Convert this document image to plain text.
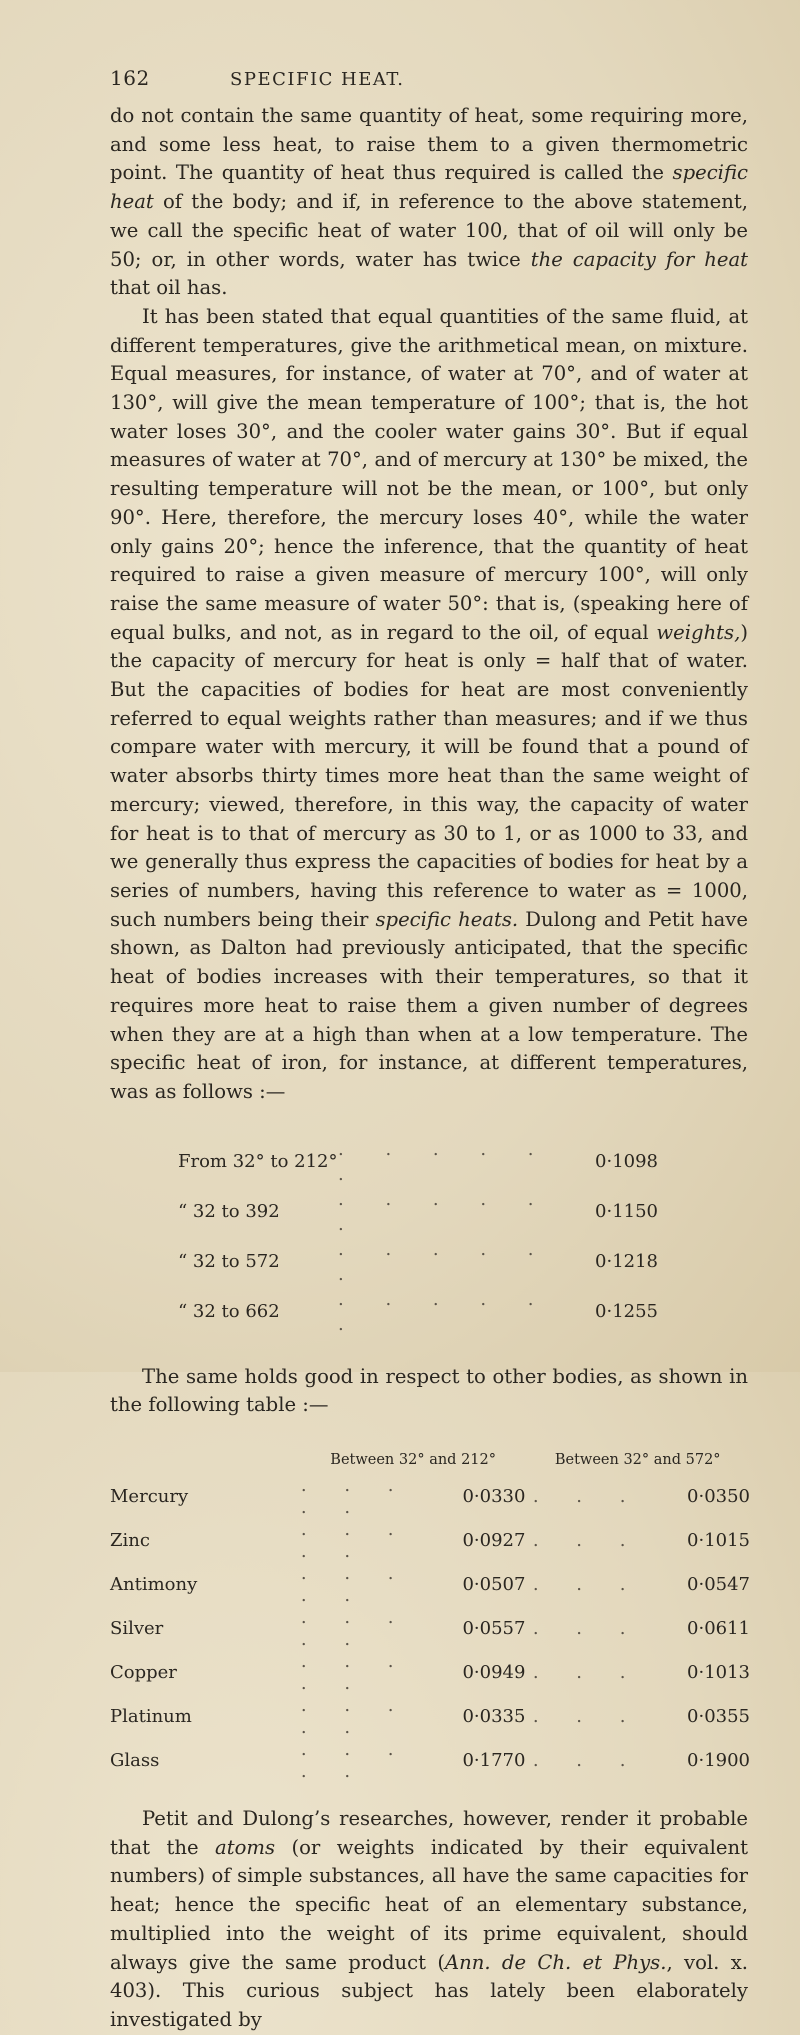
162	SPECIFIC HEAT.

do not contain the same quantity of heat, some requiring more, and some less heat, to raise them to a given thermometric point. The quantity of heat thus required is called the specific heat of the body; and if, in reference to the above statement, we call the specific heat of water 100, that of oil will only be 50; or, in other words, water has twice the capacity for heat that oil has.

It has been stated that equal quantities of the same fluid, at different temperatures, give the arithmetical mean, on mixture. Equal measures, for instance, of water at 70°, and of water at 130°, will give the mean temperature of 100°; that is, the hot water loses 30°, and the cooler water gains 30°. But if equal measures of water at 70°, and of mercury at 130° be mixed, the resulting temperature will not be the mean, or 100°, but only 90°. Here, therefore, the mercury loses 40°, while the water only gains 20°; hence the inference, that the quantity of heat required to raise a given measure of mercury 100°, will only raise the same measure of water 50°: that is, (speaking here of equal bulks, and not, as in regard to the oil, of equal weights,) the capacity of mercury for heat is only = half that of water. But the capacities of bodies for heat are most conveniently referred to equal weights rather than measures; and if we thus compare water with mercury, it will be found that a pound of water absorbs thirty times more heat than the same weight of mercury; viewed, therefore, in this way, the capacity of water for heat is to that of mercury as 30 to 1, or as 1000 to 33, and we generally thus express the capacities of bodies for heat by a series of numbers, having this reference to water as = 1000, such numbers being their specific heats. Dulong and Petit have shown, as Dalton had previously anticipated, that the specific heat of bodies increases with their temperatures, so that it requires more heat to raise them a given number of degrees when they are at a high than when at a low temperature. The specific heat of iron, for instance, at different temperatures, was as follows :—

From 32° to 212°	. . . . . .	0·1098
“ 32 to 392	. . . . . .	0·1150
“ 32 to 572	. . . . . .	0·1218
“ 32 to 662	. . . . . .	0·1255

The same holds good in respect to other bodies, as shown in the following table :—

	Between 32° and 212°		Between 32° and 572°	
Mercury	. . . . .	0·0330	. . .	0·0350
Zinc	. . . . .	0·0927	. . .	0·1015
Antimony	. . . . .	0·0507	. . .	0·0547
Silver	. . . . .	0·0557	. . .	0·0611
Copper	. . . . .	0·0949	. . .	0·1013
Platinum	. . . . .	0·0335	. . .	0·0355
Glass	. . . . .	0·1770	. . .	0·1900

Petit and Dulong’s researches, however, render it probable that the atoms (or weights indicated by their equivalent numbers) of simple substances, all have the same capacities for heat; hence the specific heat of an elementary substance, multiplied into the weight of its prime equivalent, should always give the same product (Ann. de Ch. et Phys., vol. x. 403). This curious subject has lately been elaborately investigated by
